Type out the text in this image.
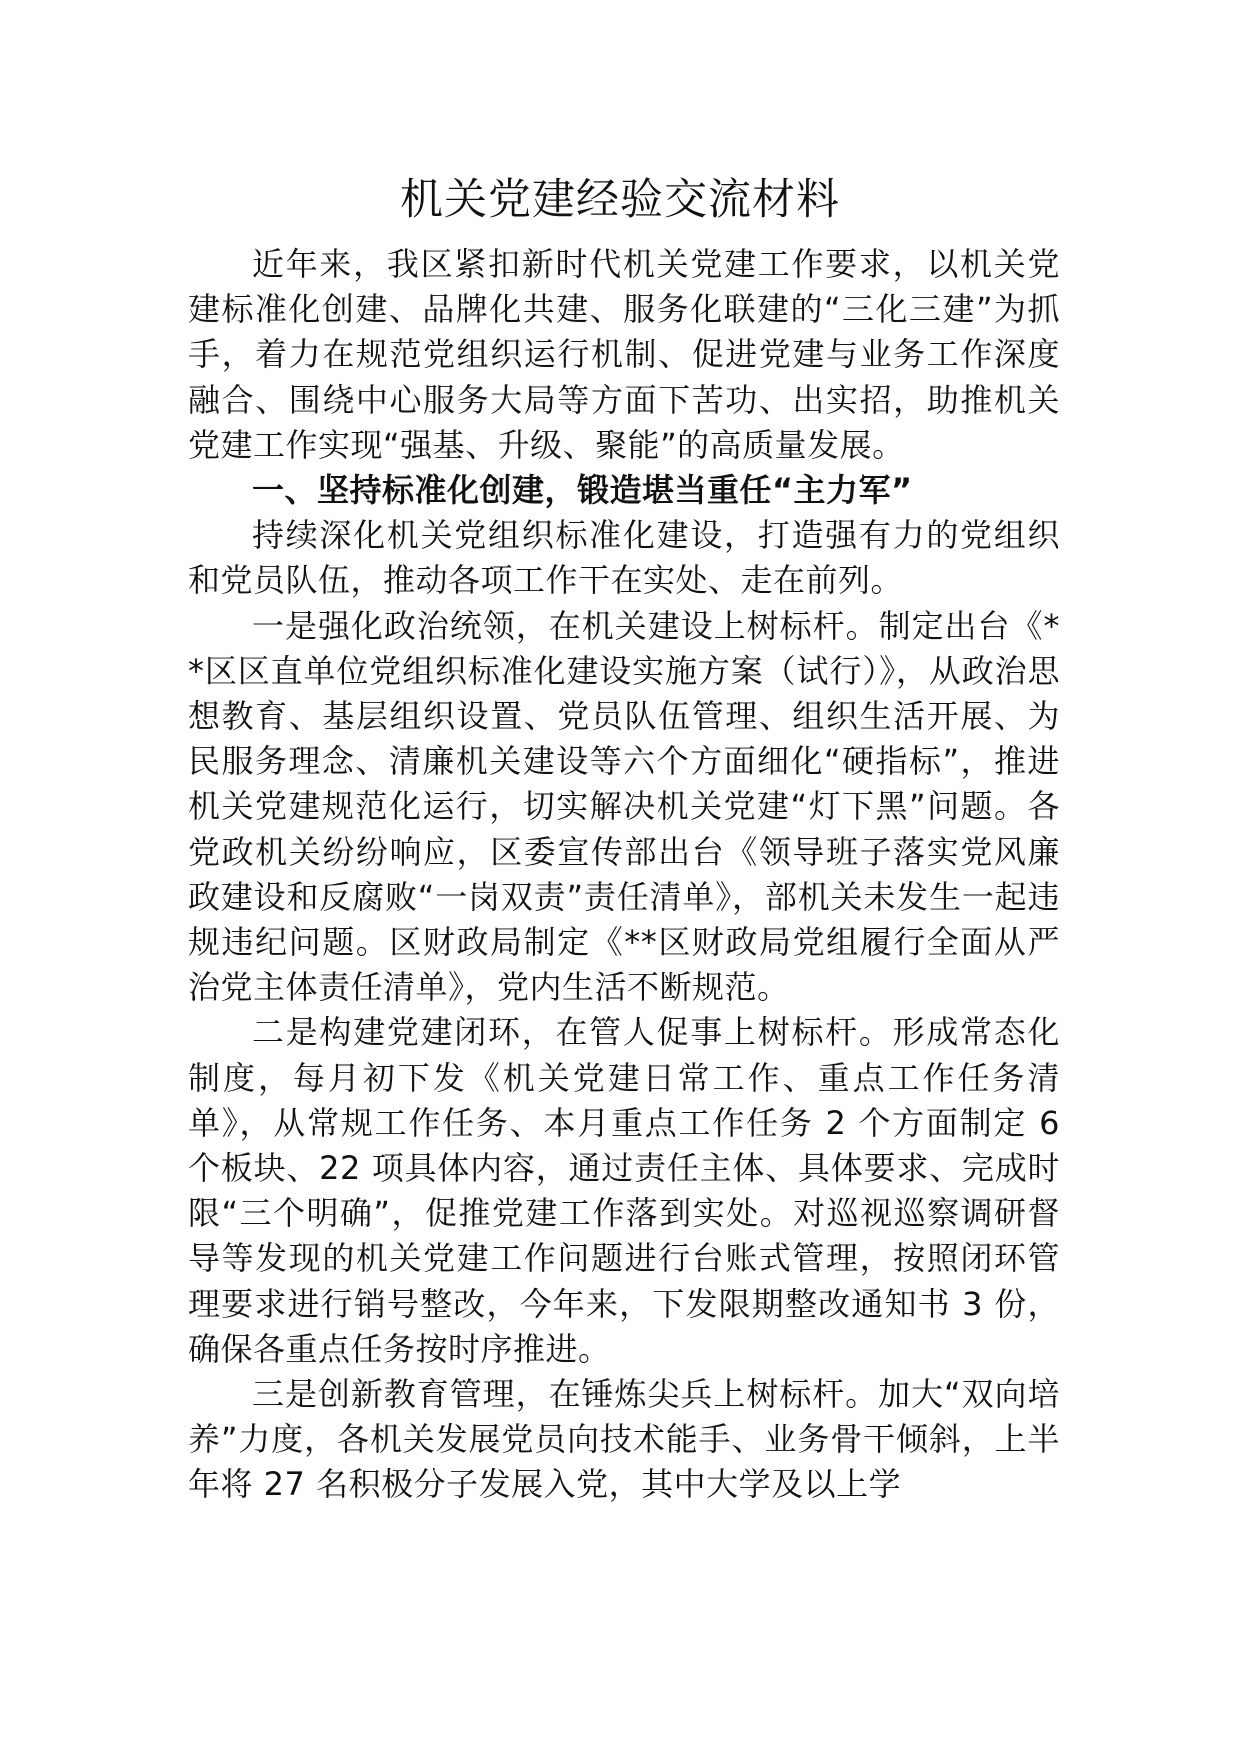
机关党建经验交流材料

近年来，我区紧扣新时代机关党建工作要求，以机关党建标准化创建、品牌化共建、服务化联建的“三化三建”为抓手，着力在规范党组织运行机制、促进党建与业务工作深度融合、围绕中心服务大局等方面下苦功、出实招，助推机关党建工作实现“强基、升级、聚能”的高质量发展。

一、坚持标准化创建，锻造堪当重任“主力军”

持续深化机关党组织标准化建设，打造强有力的党组织和党员队伍，推动各项工作干在实处、走在前列。

一是强化政治统领，在机关建设上树标杆。制定出台《**区区直单位党组织标准化建设实施方案（试行）》，从政治思想教育、基层组织设置、党员队伍管理、组织生活开展、为民服务理念、清廉机关建设等六个方面细化“硬指标”，推进机关党建规范化运行，切实解决机关党建“灯下黑”问题。各党政机关纷纷响应，区委宣传部出台《领导班子落实党风廉政建设和反腐败“一岗双责”责任清单》，部机关未发生一起违规违纪问题。区财政局制定《**区财政局党组履行全面从严治党主体责任清单》，党内生活不断规范。

二是构建党建闭环，在管人促事上树标杆。形成常态化制度，每月初下发《机关党建日常工作、重点工作任务清单》，从常规工作任务、本月重点工作任务 2 个方面制定 6 个板块、22 项具体内容，通过责任主体、具体要求、完成时限“三个明确”，促推党建工作落到实处。对巡视巡察调研督导等发现的机关党建工作问题进行台账式管理，按照闭环管理要求进行销号整改，今年来，下发限期整改通知书 3 份，确保各重点任务按时序推进。

三是创新教育管理，在锤炼尖兵上树标杆。加大“双向培养”力度，各机关发展党员向技术能手、业务骨干倾斜，上半年将 27 名积极分子发展入党，其中大学及以上学
